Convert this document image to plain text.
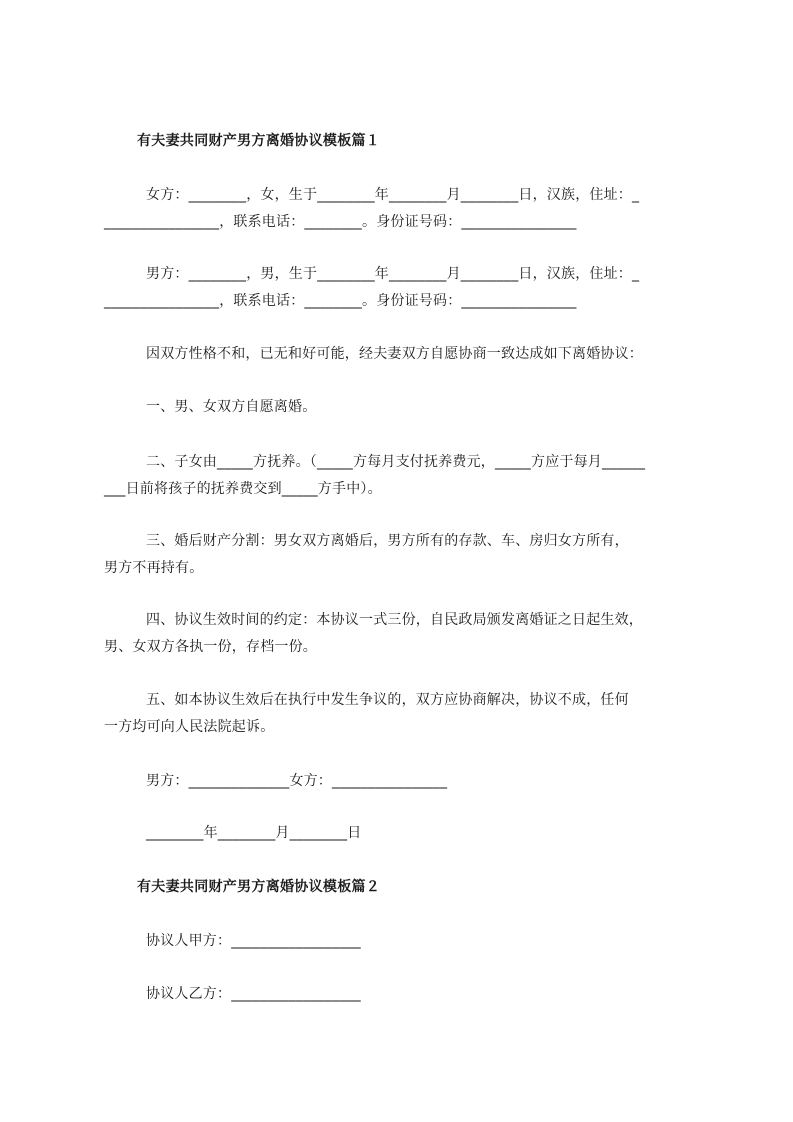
有夫妻共同财产男方离婚协议模板篇１
女方：________，女，生于________年________月________日，汉族，住址：_
________________，联系电话：________。身份证号码：________________
男方：________，男，生于________年________月________日，汉族，住址：_
________________，联系电话：________。身份证号码：________________
因双方性格不和，已无和好可能，经夫妻双方自愿协商一致达成如下离婚协议：
一、男、女双方自愿离婚。
二、子女由_____方抚养。（_____方每月支付抚养费元，_____方应于每月______
___日前将孩子的抚养费交到_____方手中）。
三、婚后财产分割：男女双方离婚后，男方所有的存款、车、房归女方所有，
男方不再持有。
四、协议生效时间的约定：本协议一式三份，自民政局颁发离婚证之日起生效，
男、女双方各执一份，存档一份。
五、如本协议生效后在执行中发生争议的，双方应协商解决，协议不成，任何
一方均可向人民法院起诉。
男方：______________女方：________________
________年________月________日
有夫妻共同财产男方离婚协议模板篇２
协议人甲方：__________________
协议人乙方：__________________
